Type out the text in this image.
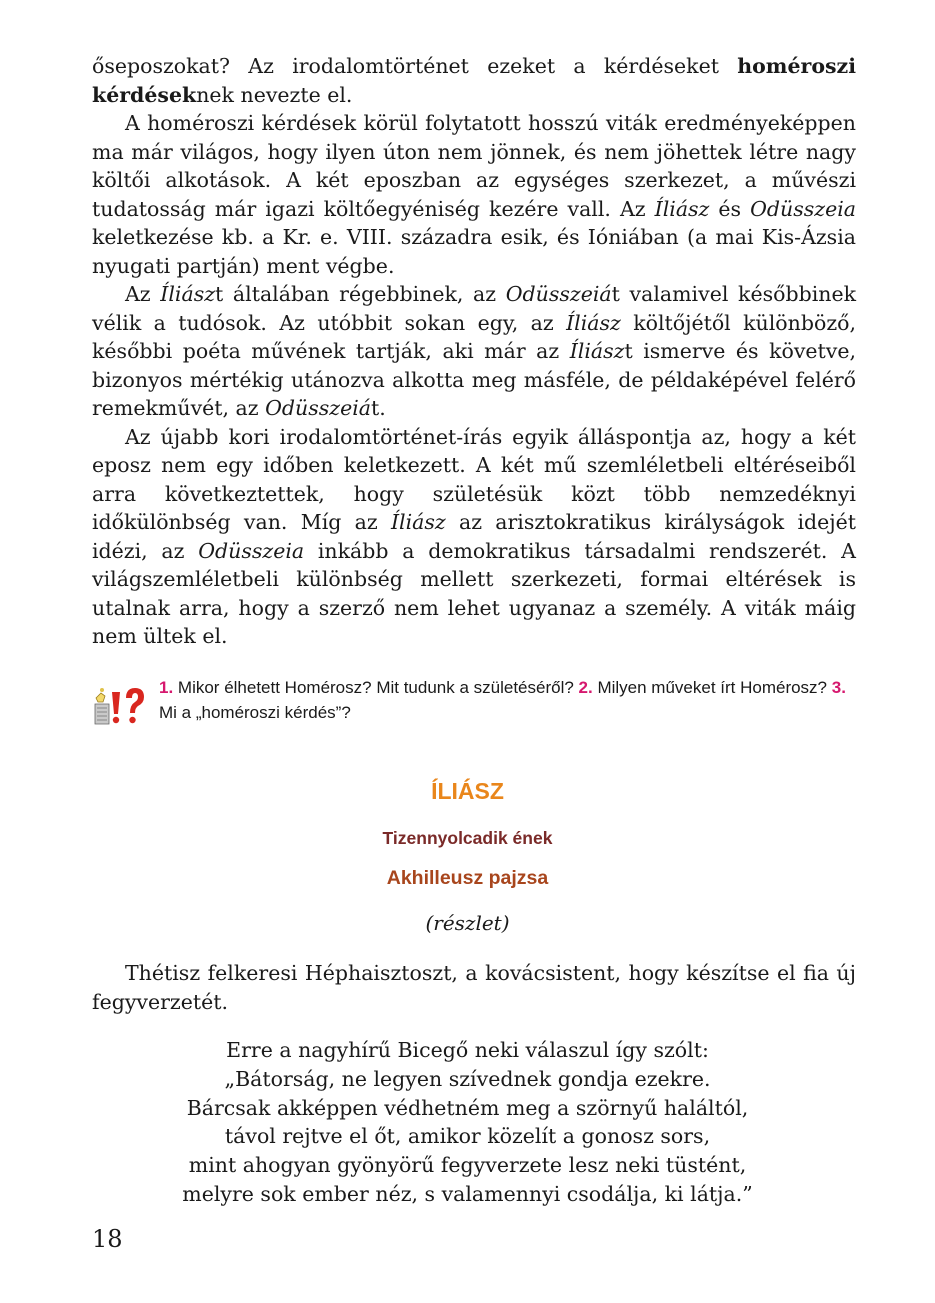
őseposzokat? Az irodalomtörténet ezeket a kérdéseket homéroszi kérdéseknek nevezte el.

A homéroszi kérdések körül folytatott hosszú viták eredményeképpen ma már világos, hogy ilyen úton nem jönnek, és nem jöhettek létre nagy költői alkotások. A két eposzban az egységes szerkezet, a művészi tudatosság már igazi költőegyéniség kezére vall. Az Íliász és Odüsszeia keletkezése kb. a Kr. e. VIII. századra esik, és Ióniában (a mai Kis-Ázsia nyugati partján) ment végbe.

Az Íliászt általában régebbinek, az Odüsszeiát valamivel későbbinek vélik a tudósok. Az utóbbit sokan egy, az Íliász költőjétől különböző, későbbi poéta művének tartják, aki már az Íliászt ismerve és követve, bizonyos mértékig utánozva alkotta meg másféle, de példaképével felérő remekművét, az Odüsszeiát.

Az újabb kori irodalomtörténet-írás egyik álláspontja az, hogy a két eposz nem egy időben keletkezett. A két mű szemléletbeli eltéréseiből arra következtettek, hogy születésük közt több nemzedéknyi időkülönbség van. Míg az Íliász az arisztokratikus királyságok idejét idézi, az Odüsszeia inkább a demokratikus társadalmi rendszerét. A világszemléletbeli különbség mellett szerkezeti, formai eltérések is utalnak arra, hogy a szerző nem lehet ugyanaz a személy. A viták máig nem ültek el.

1. Mikor élhetett Homérosz? Mit tudunk a születéséről? 2. Milyen műveket írt Homérosz? 3. Mi a „homéroszi kérdés”?
ÍLIÁSZ
Tizennyolcadik ének
Akhilleusz pajzsa
(részlet)

Thétisz felkeresi Héphaisztoszt, a kovácsistent, hogy készítse el fia új fegyverzetét.

Erre a nagyhírű Bicegő neki válaszul így szólt:
„Bátorság, ne legyen szívednek gondja ezekre.
Bárcsak akképpen védhetném meg a szörnyű haláltól,
távol rejtve el őt, amikor közelít a gonosz sors,
mint ahogyan gyönyörű fegyverzete lesz neki tüstént,
melyre sok ember néz, s valamennyi csodálja, ki látja.”
18
